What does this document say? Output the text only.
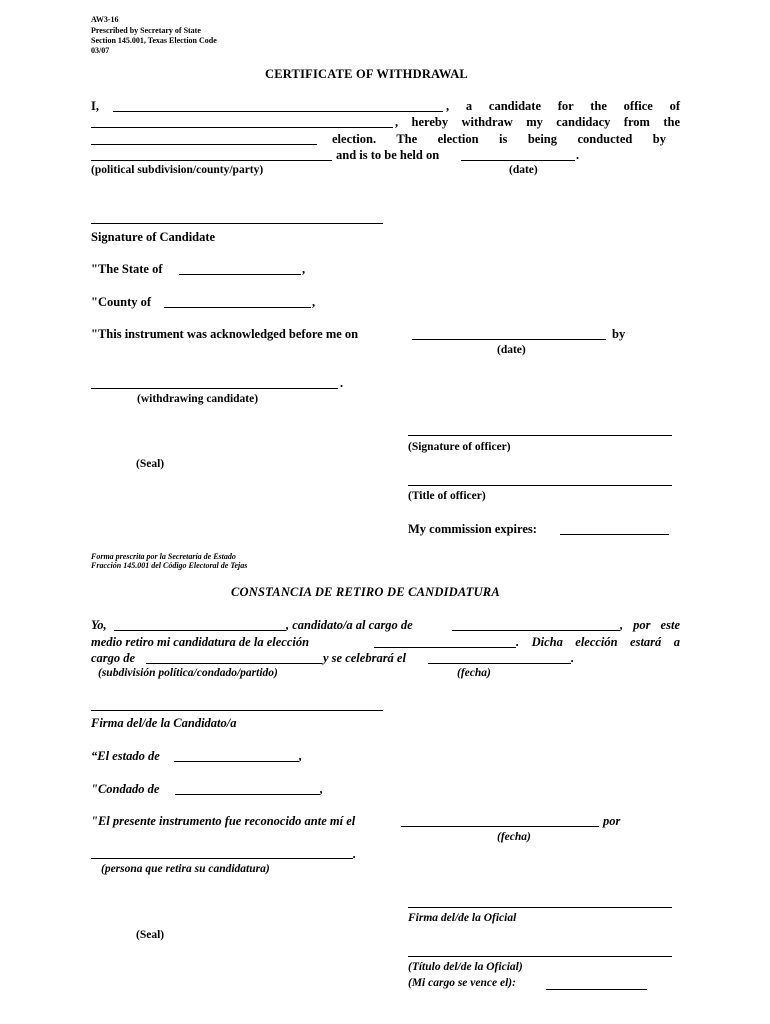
AW3-16
Prescribed by Secretary of State
Section 145.001, Texas Election Code
03/07
CERTIFICATE OF WITHDRAWAL
I,	, a candidate for the office of
, hereby withdraw my candidacy from the
election. The election is being conducted by
and is to be held on	.
(political subdivision/county/party)	(date)
Signature of Candidate
"The State of	,
"County of	,
"This instrument was acknowledged before me on	by
(date)
.
(withdrawing candidate)
(Signature of officer)
(Seal)
(Title of officer)
My commission expires:
Forma prescrita por la Secretaría de Estado
Fracción 145.001 del Código Electoral de Tejas
CONSTANCIA DE RETIRO DE CANDIDATURA
Yo,	, candidato/a al cargo de	, por este
medio retiro mi candidatura de la elección	. Dicha elección estará a
cargo de	y se celebrará el	.
(subdivisión política/condado/partido)	(fecha)
Firma del/de la Candidato/a
“El estado de	,
"Condado de	,
"El presente instrumento fue reconocido ante mí el	por
(fecha)
.
(persona que retira su candidatura)
Firma del/de la Oficial
(Seal)
(Título del/de la Oficial)
(Mi cargo se vence el):
